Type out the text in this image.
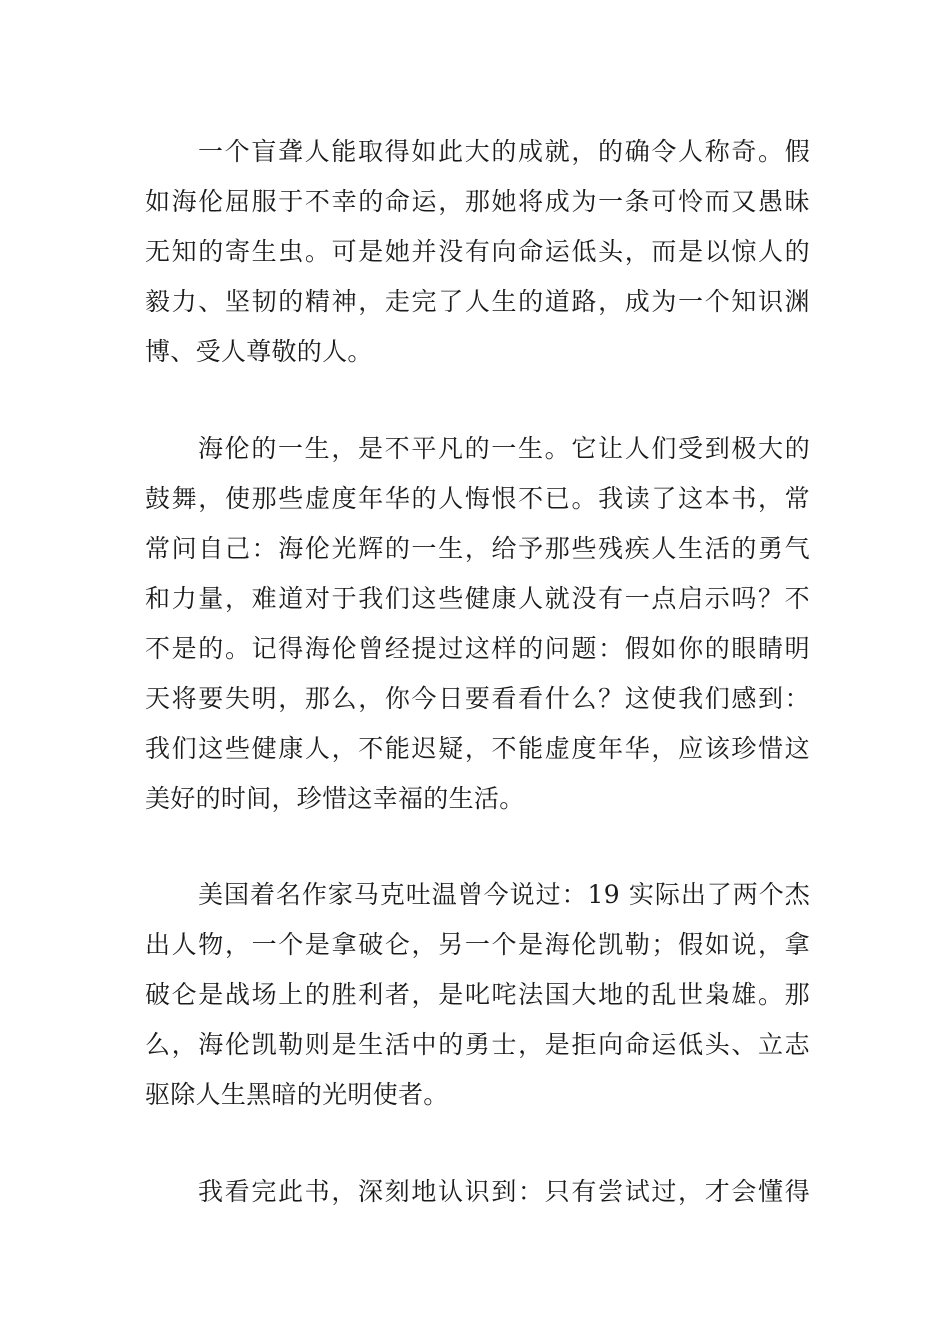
一个盲聋人能取得如此大的成就，的确令人称奇。假
如海伦屈服于不幸的命运，那她将成为一条可怜而又愚昧
无知的寄生虫。可是她并没有向命运低头，而是以惊人的
毅力、坚韧的精神，走完了人生的道路，成为一个知识渊
博、受人尊敬的人。
海伦的一生，是不平凡的一生。它让人们受到极大的
鼓舞，使那些虚度年华的人悔恨不已。我读了这本书，常
常问自己：海伦光辉的一生，给予那些残疾人生活的勇气
和力量，难道对于我们这些健康人就没有一点启示吗？不
不是的。记得海伦曾经提过这样的问题：假如你的眼睛明
天将要失明，那么，你今日要看看什么？这使我们感到：
我们这些健康人，不能迟疑，不能虚度年华，应该珍惜这
美好的时间，珍惜这幸福的生活。
美国着名作家马克吐温曾今说过：19 实际出了两个杰
出人物，一个是拿破仑，另一个是海伦凯勒；假如说，拿
破仑是战场上的胜利者，是叱咤法国大地的乱世枭雄。那
么，海伦凯勒则是生活中的勇士，是拒向命运低头、立志
驱除人生黑暗的光明使者。
我看完此书，深刻地认识到：只有尝试过，才会懂得
